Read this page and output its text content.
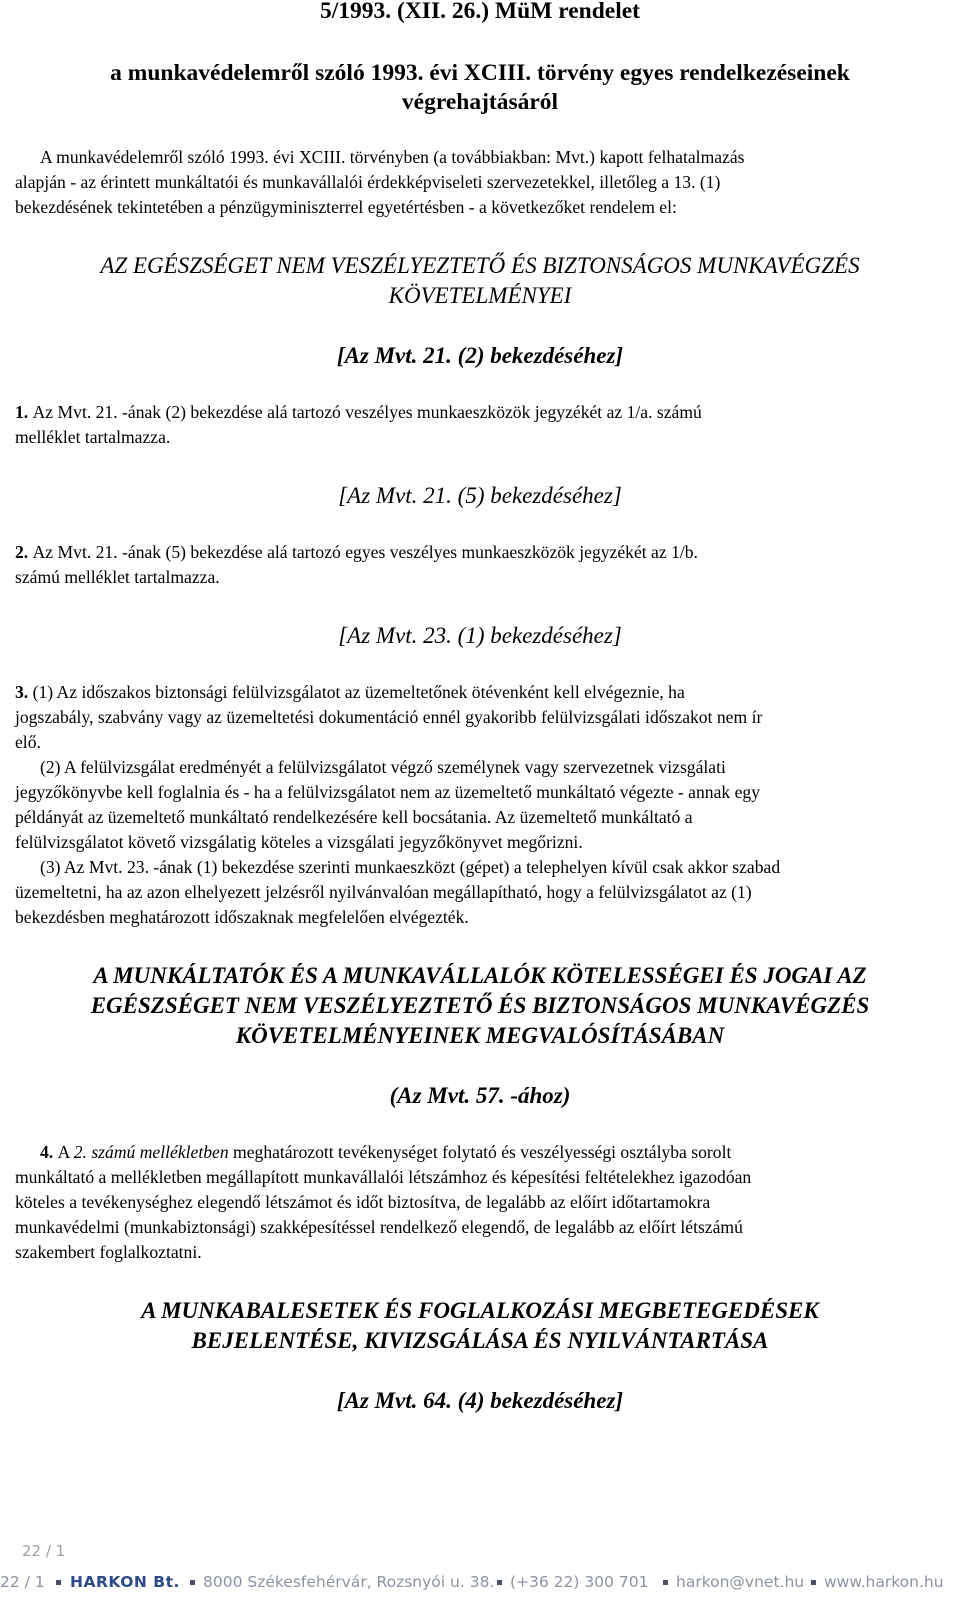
5/1993. (XII. 26.) MüM rendelet
a munkavédelemről szóló 1993. évi XCIII. törvény egyes rendelkezéseinek
végrehajtásáról
A munkavédelemről szóló 1993. évi XCIII. törvényben (a továbbiakban: Mvt.) kapott felhatalmazás
alapján - az érintett munkáltatói és munkavállalói érdekképviseleti szervezetekkel, illetőleg a 13. (1)
bekezdésének tekintetében a pénzügyminiszterrel egyetértésben - a következőket rendelem el:
AZ EGÉSZSÉGET NEM VESZÉLYEZTETŐ ÉS BIZTONSÁGOS MUNKAVÉGZÉS
KÖVETELMÉNYEI
[Az Mvt. 21. (2) bekezdéséhez]
1. Az Mvt. 21. -ának (2) bekezdése alá tartozó veszélyes munkaeszközök jegyzékét az 1/a. számú
melléklet tartalmazza.
[Az Mvt. 21. (5) bekezdéséhez]
2. Az Mvt. 21. -ának (5) bekezdése alá tartozó egyes veszélyes munkaeszközök jegyzékét az 1/b.
számú melléklet tartalmazza.
[Az Mvt. 23. (1) bekezdéséhez]
3. (1) Az időszakos biztonsági felülvizsgálatot az üzemeltetőnek ötévenként kell elvégeznie, ha
jogszabály, szabvány vagy az üzemeltetési dokumentáció ennél gyakoribb felülvizsgálati időszakot nem ír
elő.
(2) A felülvizsgálat eredményét a felülvizsgálatot végző személynek vagy szervezetnek vizsgálati
jegyzőkönyvbe kell foglalnia és - ha a felülvizsgálatot nem az üzemeltető munkáltató végezte - annak egy
példányát az üzemeltető munkáltató rendelkezésére kell bocsátania. Az üzemeltető munkáltató a
felülvizsgálatot követő vizsgálatig köteles a vizsgálati jegyzőkönyvet megőrizni.
(3) Az Mvt. 23. -ának (1) bekezdése szerinti munkaeszközt (gépet) a telephelyen kívül csak akkor szabad
üzemeltetni, ha az azon elhelyezett jelzésről nyilvánvalóan megállapítható, hogy a felülvizsgálatot az (1)
bekezdésben meghatározott időszaknak megfelelően elvégezték.
A MUNKÁLTATÓK ÉS A MUNKAVÁLLALÓK KÖTELESSÉGEI ÉS JOGAI AZ
EGÉSZSÉGET NEM VESZÉLYEZTETŐ ÉS BIZTONSÁGOS MUNKAVÉGZÉS
KÖVETELMÉNYEINEK MEGVALÓSÍTÁSÁBAN
(Az Mvt. 57. -ához)
4. A 2. számú mellékletben meghatározott tevékenységet folytató és veszélyességi osztályba sorolt
munkáltató a mellékletben megállapított munkavállalói létszámhoz és képesítési feltételekhez igazodóan
köteles a tevékenységhez elegendő létszámot és időt biztosítva, de legalább az előírt időtartamokra
munkavédelmi (munkabiztonsági) szakképesítéssel rendelkező elegendő, de legalább az előírt létszámú
szakembert foglalkoztatni.
A MUNKABALESETEK ÉS FOGLALKOZÁSI MEGBETEGEDÉSEK
BEJELENTÉSE, KIVIZSGÁLÁSA ÉS NYILVÁNTARTÁSA
[Az Mvt. 64. (4) bekezdéséhez]
22 / 1
22 / 1 HARKON Bt. 8000 Székesfehérvár, Rozsnyói u. 38. (+36 22) 300 701 harkon@vnet.hu www.harkon.hu
